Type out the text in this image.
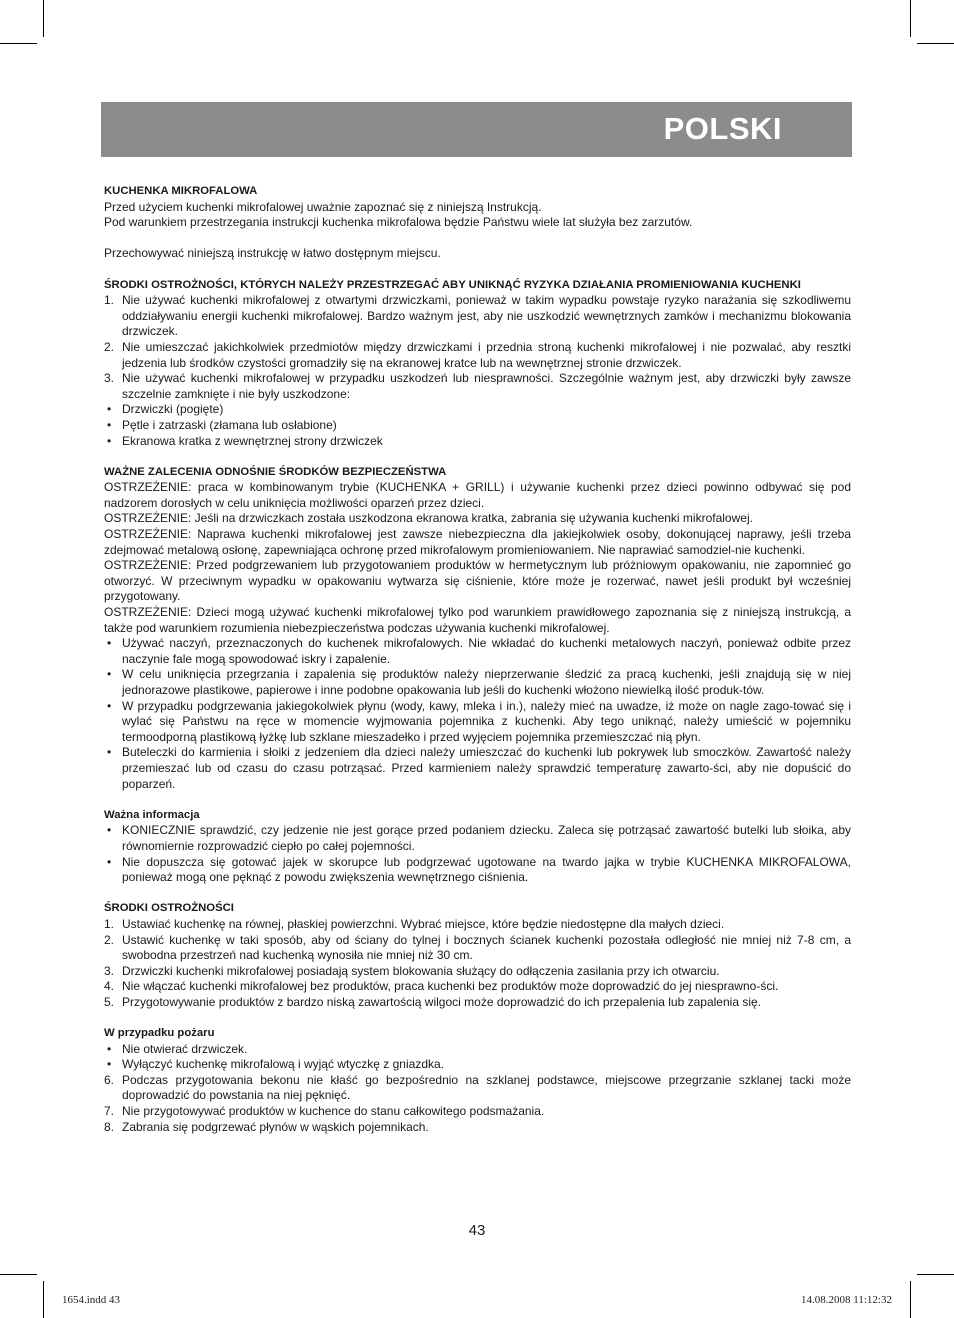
POLSKI

KUCHENKA MIKROFALOWA

Przed użyciem kuchenki mikrofalowej uważnie zapoznać się z niniejszą Instrukcją.

Pod warunkiem przestrzegania instrukcji kuchenka mikrofalowa będzie Państwu wiele lat służyła bez zarzutów.

Przechowywać niniejszą instrukcję w łatwo dostępnym miejscu.

ŚRODKI OSTROŻNOŚCI, KTÓRYCH NALEŻY PRZESTRZEGAĆ ABY UNIKNĄĆ RYZYKA DZIAŁANIA PROMIENIOWANIA KUCHENKI

1. Nie używać kuchenki mikrofalowej z otwartymi drzwiczkami, ponieważ w takim wypadku powstaje ryzyko narażania się szkodliwemu oddziaływaniu energii kuchenki mikrofalowej. Bardzo ważnym jest, aby nie uszkodzić wewnętrznych zamków i mechanizmu blokowania drzwiczek.
2. Nie umieszczać jakichkolwiek przedmiotów między drzwiczkami i przednia stroną kuchenki mikrofalowej i nie pozwalać, aby resztki jedzenia lub środków czystości gromadziły się na ekranowej kratce lub na wewnętrznej stronie drzwiczek.
3. Nie używać kuchenki mikrofalowej w przypadku uszkodzeń lub niesprawności. Szczególnie ważnym jest, aby drzwiczki były zawsze szczelnie zamknięte i nie były uszkodzone:
• Drzwiczki (pogięte)
• Pętle i zatrzaski (złamana lub osłabione)
• Ekranowa kratka z wewnętrznej strony drzwiczek

WAŻNE ZALECENIA ODNOŚNIE ŚRODKÓW BEZPIECZEŃSTWA

OSTRZEŻENIE: praca w kombinowanym trybie (KUCHENKA + GRILL) i używanie kuchenki przez dzieci powinno odbywać się pod nadzorem dorosłych w celu uniknięcia możliwości oparzeń przez dzieci.

OSTRZEŻENIE: Jeśli na drzwiczkach została uszkodzona ekranowa kratka, zabrania się używania kuchenki mikrofalowej.

OSTRZEŻENIE: Naprawa kuchenki mikrofalowej jest zawsze niebezpieczna dla jakiejkolwiek osoby, dokonującej naprawy, jeśli trzeba zdejmować metalową osłonę, zapewniająca ochronę przed mikrofalowym promieniowaniem. Nie naprawiać samodziel-nie kuchenki.

OSTRZEŻENIE: Przed podgrzewaniem lub przygotowaniem produktów w hermetycznym lub próżniowym opakowaniu, nie zapomnieć go otworzyć. W przeciwnym wypadku w opakowaniu wytwarza się ciśnienie, które może je rozerwać, nawet jeśli produkt był wcześniej przygotowany.

OSTRZEŻENIE: Dzieci mogą używać kuchenki mikrofalowej tylko pod warunkiem prawidłowego zapoznania się z niniejszą instrukcją, a także pod warunkiem rozumienia niebezpieczeństwa podczas używania kuchenki mikrofalowej.

• Używać naczyń, przeznaczonych do kuchenek mikrofalowych. Nie wkładać do kuchenki metalowych naczyń, ponieważ odbite przez naczynie fale mogą spowodować iskry i zapalenie.
• W celu uniknięcia przegrzania i zapalenia się produktów należy nieprzerwanie śledzić za pracą kuchenki, jeśli znajdują się w niej jednorazowe plastikowe, papierowe i inne podobne opakowania lub jeśli do kuchenki włożono niewielką ilość produk-tów.
• W przypadku podgrzewania jakiegokolwiek płynu (wody, kawy, mleka i in.), należy mieć na uwadze, iż może on nagle zago-tować się i wylać się Państwu na ręce w momencie wyjmowania pojemnika z kuchenki. Aby tego uniknąć, należy umieścić w pojemniku termoodporną plastikową łyżkę lub szklane mieszadełko i przed wyjęciem pojemnika przemieszczać nią płyn.
• Buteleczki do karmienia i słoiki z jedzeniem dla dzieci należy umieszczać do kuchenki lub pokrywek lub smoczków. Zawartość należy przemieszać lub od czasu do czasu potrząsać. Przed karmieniem należy sprawdzić temperaturę zawarto-ści, aby nie dopuścić do poparzeń.

Ważna informacja

• KONIECZNIE sprawdzić, czy jedzenie nie jest gorące przed podaniem dziecku. Zaleca się potrząsać zawartość butelki lub słoika, aby równomiernie rozprowadzić ciepło po całej pojemności.
• Nie dopuszcza się gotować jajek w skorupce lub podgrzewać ugotowane na twardo jajka w trybie KUCHENKA MIKROFALOWA, ponieważ mogą one pęknąć z powodu zwiększenia wewnętrznego ciśnienia.

ŚRODKI OSTROŻNOŚCI

1. Ustawiać kuchenkę na równej, płaskiej powierzchni. Wybrać miejsce, które będzie niedostępne dla małych dzieci.
2. Ustawić kuchenkę w taki sposób, aby od ściany do tylnej i bocznych ścianek kuchenki pozostała odległość nie mniej niż 7-8 cm, a swobodna przestrzeń nad kuchenką wynosiła nie mniej niż 30 cm.
3. Drzwiczki kuchenki mikrofalowej posiadają system blokowania służący do odłączenia zasilania przy ich otwarciu.
4. Nie włączać kuchenki mikrofalowej bez produktów, praca kuchenki bez produktów może doprowadzić do jej niesprawno-ści.
5. Przygotowywanie produktów z bardzo niską zawartością wilgoci może doprowadzić do ich przepalenia lub zapalenia się.

W przypadku pożaru

• Nie otwierać drzwiczek.
• Wyłączyć kuchenkę mikrofalową i wyjąć wtyczkę z gniazdka.
6. Podczas przygotowania bekonu nie kłaść go bezpośrednio na szklanej podstawce, miejscowe przegrzanie szklanej tacki może doprowadzić do powstania na niej pęknięć.
7. Nie przygotowywać produktów w kuchence do stanu całkowitego podsmażania.
8. Zabrania się podgrzewać płynów w wąskich pojemnikach.
43
1654.indd 43	14.08.2008 11:12:32
